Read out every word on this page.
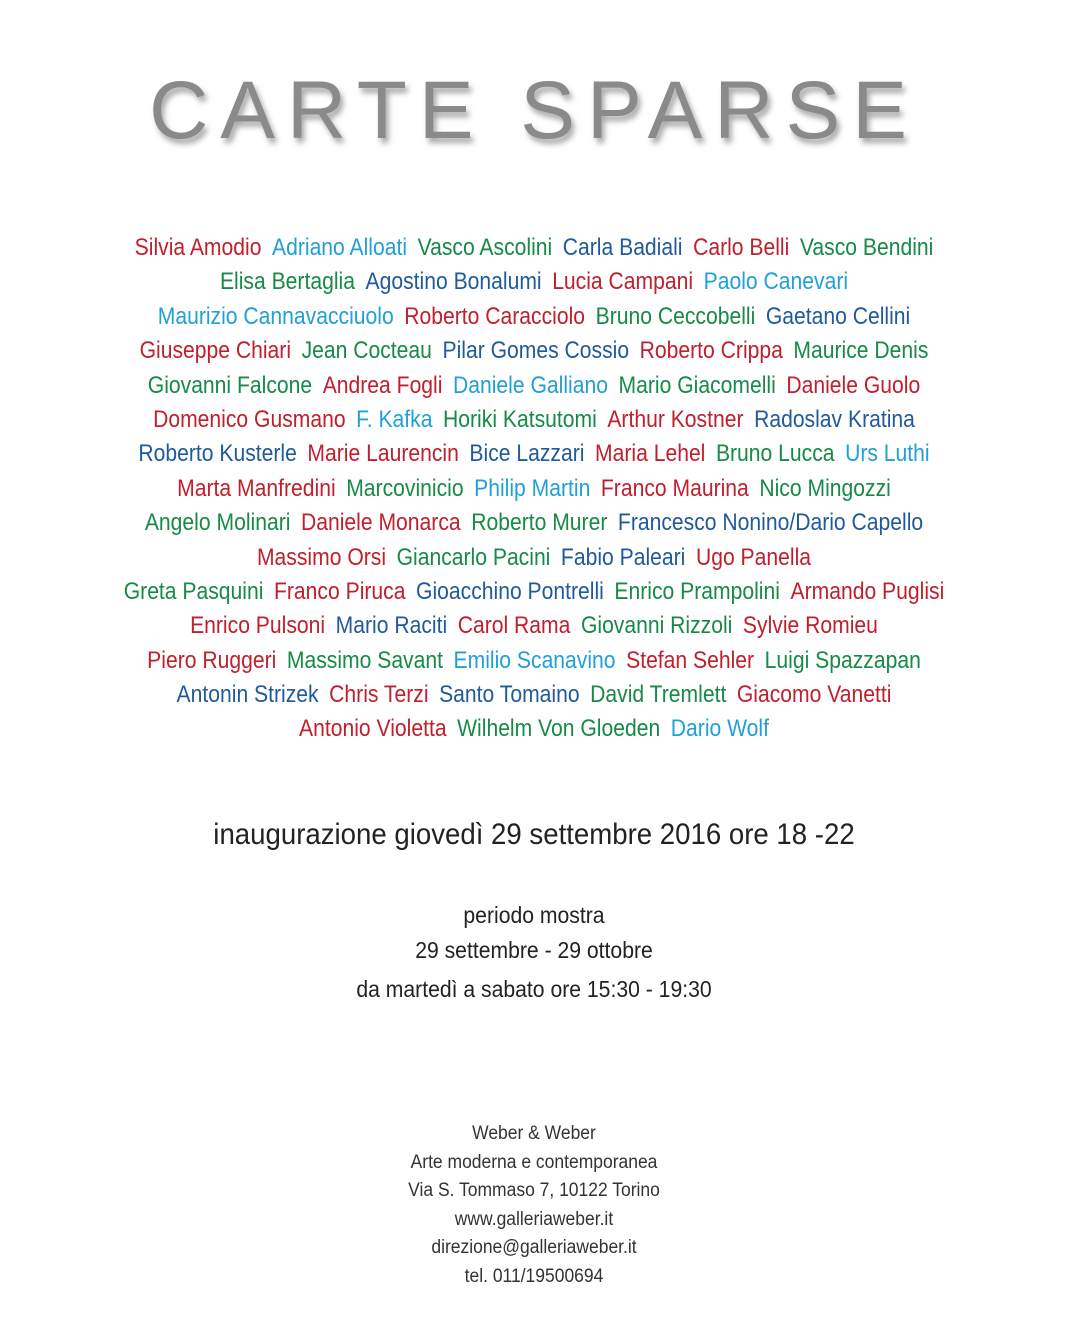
CARTE SPARSE
Silvia Amodio Adriano Alloati Vasco Ascolini Carla Badiali Carlo Belli Vasco Bendini
Elisa Bertaglia Agostino Bonalumi Lucia Campani Paolo Canevari
Maurizio Cannavacciuolo Roberto Caracciolo Bruno Ceccobelli Gaetano Cellini
Giuseppe Chiari Jean Cocteau Pilar Gomes Cossio Roberto Crippa Maurice Denis
Giovanni Falcone Andrea Fogli Daniele Galliano Mario Giacomelli Daniele Guolo
Domenico Gusmano F. Kafka Horiki Katsutomi Arthur Kostner Radoslav Kratina
Roberto Kusterle Marie Laurencin Bice Lazzari Maria Lehel Bruno Lucca Urs Luthi
Marta Manfredini Marcovinicio Philip Martin Franco Maurina Nico Mingozzi
Angelo Molinari Daniele Monarca Roberto Murer Francesco Nonino/Dario Capello
Massimo Orsi Giancarlo Pacini Fabio Paleari Ugo Panella
Greta Pasquini Franco Piruca Gioacchino Pontrelli Enrico Prampolini Armando Puglisi
Enrico Pulsoni Mario Raciti Carol Rama Giovanni Rizzoli Sylvie Romieu
Piero Ruggeri Massimo Savant Emilio Scanavino Stefan Sehler Luigi Spazzapan
Antonin Strizek Chris Terzi Santo Tomaino David Tremlett Giacomo Vanetti
Antonio Violetta Wilhelm Von Gloeden Dario Wolf
inaugurazione giovedì 29 settembre 2016 ore 18 -22
periodo mostra
29 settembre - 29 ottobre
da martedì a sabato ore 15:30 - 19:30
Weber & Weber
Arte moderna e contemporanea
Via S. Tommaso 7, 10122 Torino
www.galleriaweber.it
direzione@galleriaweber.it
tel. 011/19500694
